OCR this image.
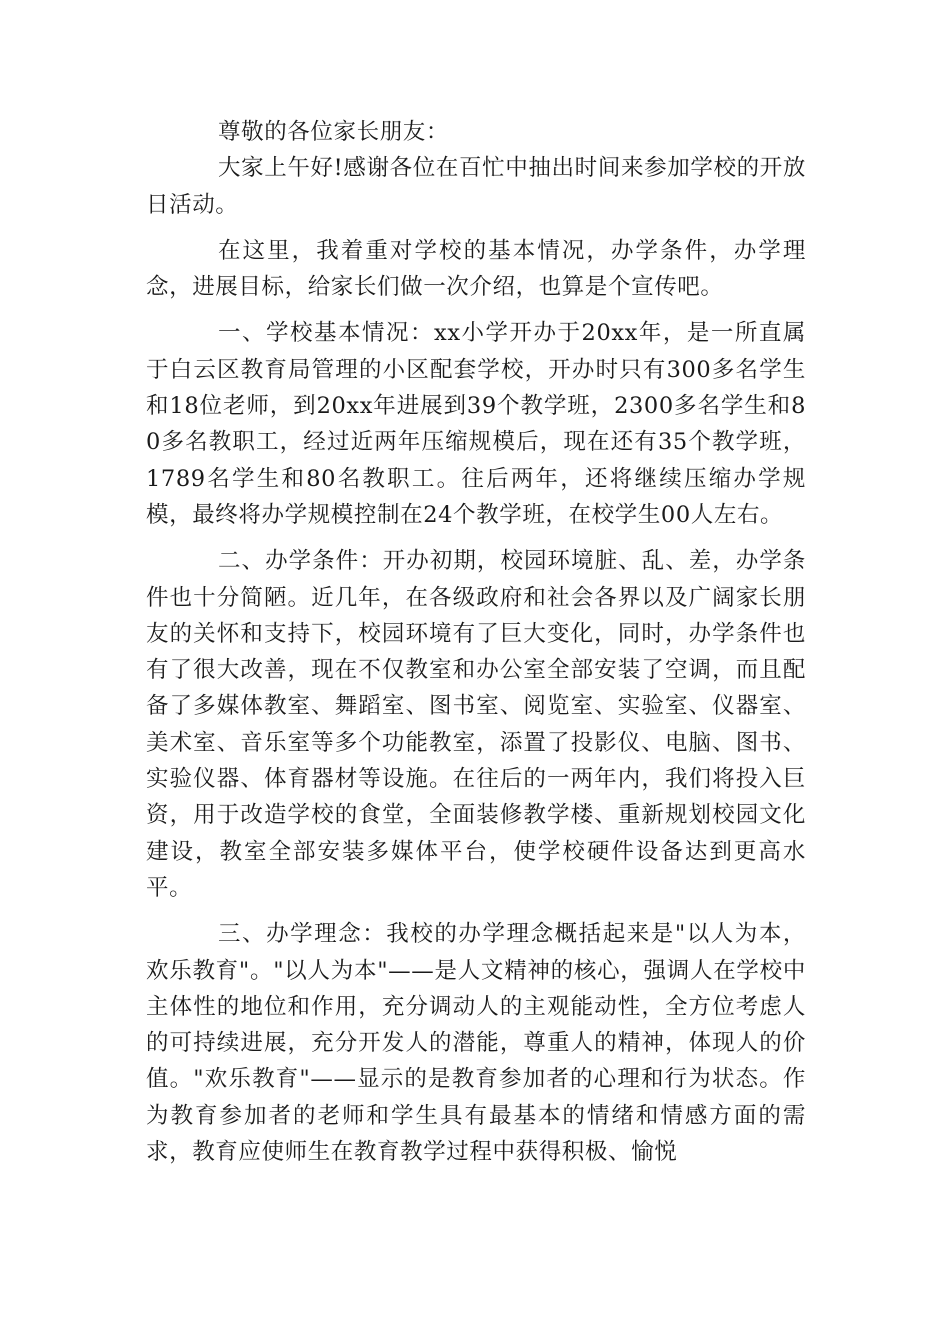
尊敬的各位家长朋友：

大家上午好!感谢各位在百忙中抽出时间来参加学校的开放日活动。

在这里，我着重对学校的基本情况，办学条件，办学理念，进展目标，给家长们做一次介绍，也算是个宣传吧。

一、学校基本情况：xx小学开办于20xx年，是一所直属于白云区教育局管理的小区配套学校，开办时只有300多名学生和18位老师，到20xx年进展到39个教学班，2300多名学生和80多名教职工，经过近两年压缩规模后，现在还有35个教学班，1789名学生和80名教职工。往后两年，还将继续压缩办学规模，最终将办学规模控制在24个教学班，在校学生00人左右。

二、办学条件：开办初期，校园环境脏、乱、差，办学条件也十分简陋。近几年，在各级政府和社会各界以及广阔家长朋友的关怀和支持下，校园环境有了巨大变化，同时，办学条件也有了很大改善，现在不仅教室和办公室全部安装了空调，而且配备了多媒体教室、舞蹈室、图书室、阅览室、实验室、仪器室、美术室、音乐室等多个功能教室，添置了投影仪、电脑、图书、实验仪器、体育器材等设施。在往后的一两年内，我们将投入巨资，用于改造学校的食堂，全面装修教学楼、重新规划校园文化建设，教室全部安装多媒体平台，使学校硬件设备达到更高水平。

三、办学理念：我校的办学理念概括起来是"以人为本，欢乐教育"。"以人为本"——是人文精神的核心，强调人在学校中主体性的地位和作用，充分调动人的主观能动性，全方位考虑人的可持续进展，充分开发人的潜能，尊重人的精神，体现人的价值。"欢乐教育"——显示的是教育参加者的心理和行为状态。作为教育参加者的老师和学生具有最基本的情绪和情感方面的需求，教育应使师生在教育教学过程中获得积极、愉悦
